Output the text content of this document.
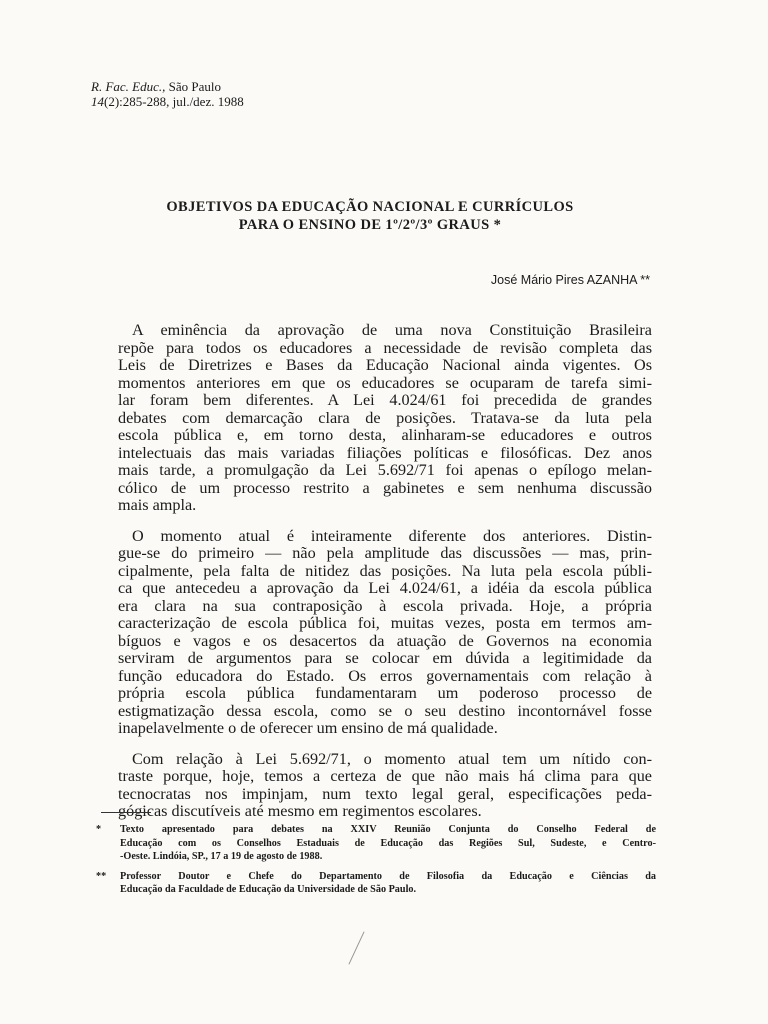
R. Fac. Educ., São Paulo
14(2):285-288, jul./dez. 1988
OBJETIVOS DA EDUCAÇÃO NACIONAL E CURRÍCULOS
PARA O ENSINO DE 1º/2º/3º GRAUS *
José Mário Pires AZANHA **
A eminência da aprovação de uma nova Constituição Brasileira
repõe para todos os educadores a necessidade de revisão completa das
Leis de Diretrizes e Bases da Educação Nacional ainda vigentes. Os
momentos anteriores em que os educadores se ocuparam de tarefa simi-
lar foram bem diferentes. A Lei 4.024/61 foi precedida de grandes
debates com demarcação clara de posições. Tratava-se da luta pela
escola pública e, em torno desta, alinharam-se educadores e outros
intelectuais das mais variadas filiações políticas e filosóficas. Dez anos
mais tarde, a promulgação da Lei 5.692/71 foi apenas o epílogo melan-
cólico de um processo restrito a gabinetes e sem nenhuma discussão
mais ampla.
O momento atual é inteiramente diferente dos anteriores. Distin-
gue-se do primeiro — não pela amplitude das discussões — mas, prin-
cipalmente, pela falta de nitidez das posições. Na luta pela escola públi-
ca que antecedeu a aprovação da Lei 4.024/61, a idéia da escola pública
era clara na sua contraposição à escola privada. Hoje, a própria
caracterização de escola pública foi, muitas vezes, posta em termos am-
bíguos e vagos e os desacertos da atuação de Governos na economia
serviram de argumentos para se colocar em dúvida a legitimidade da
função educadora do Estado. Os erros governamentais com relação à
própria escola pública fundamentaram um poderoso processo de
estigmatização dessa escola, como se o seu destino incontornável fosse
inapelavelmente o de oferecer um ensino de má qualidade.
Com relação à Lei 5.692/71, o momento atual tem um nítido con-
traste porque, hoje, temos a certeza de que não mais há clima para que
tecnocratas nos impinjam, num texto legal geral, especificações peda-
gógicas discutíveis até mesmo em regimentos escolares.
*	Texto apresentado para debates na XXIV Reunião Conjunta do Conselho Federal de
Educação com os Conselhos Estaduais de Educação das Regiões Sul, Sudeste, e Centro-
-Oeste. Lindóia, SP., 17 a 19 de agosto de 1988.
**	Professor Doutor e Chefe do Departamento de Filosofia da Educação e Ciências da
Educação da Faculdade de Educação da Universidade de São Paulo.
